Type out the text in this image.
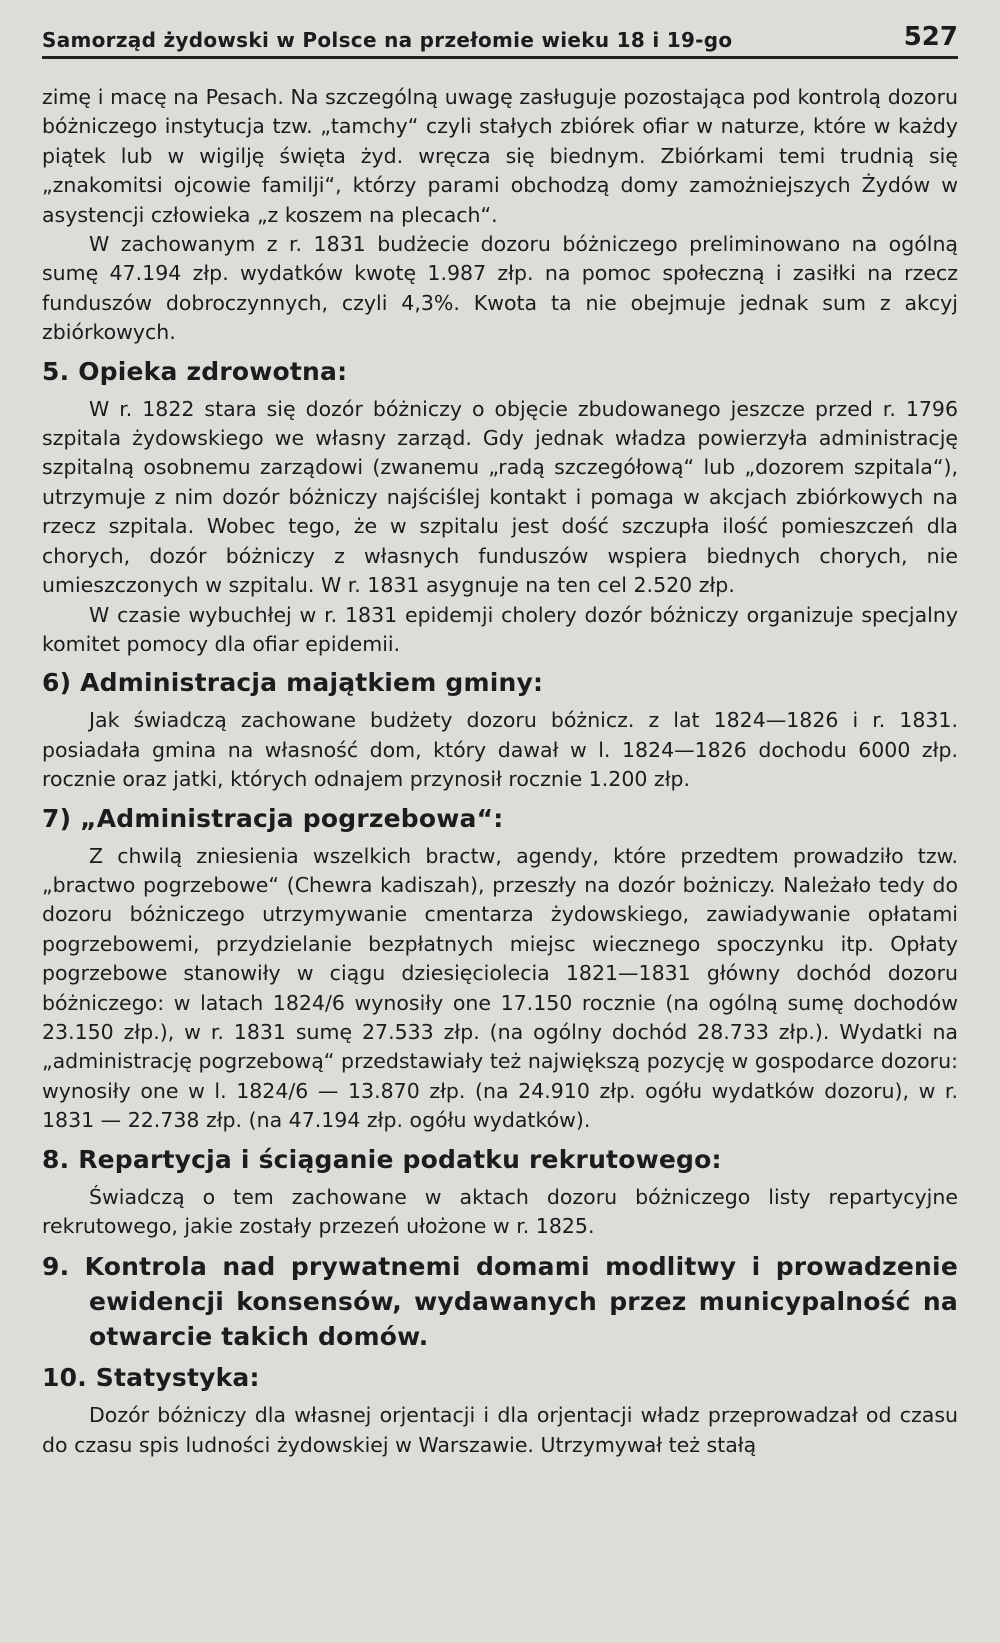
Samorząd żydowski w Polsce na przełomie wieku 18 i 19-go	527

zimę i macę na Pesach. Na szczególną uwagę zasługuje pozostająca pod kontrolą dozoru bóżniczego instytucja tzw. „tamchy“ czyli stałych zbiórek ofiar w naturze, które w każdy piątek lub w wigilję święta żyd. wręcza się biednym. Zbiórkami temi trudnią się „znakomitsi ojcowie familji“, którzy parami obchodzą domy zamożniejszych Żydów w asystencji człowieka „z koszem na plecach“.

W zachowanym z r. 1831 budżecie dozoru bóżniczego preliminowano na ogólną sumę 47.194 złp. wydatków kwotę 1.987 złp. na pomoc społeczną i zasiłki na rzecz funduszów dobroczynnych, czyli 4,3%. Kwota ta nie obejmuje jednak sum z akcyj zbiórkowych.

5. Opieka zdrowotna:

W r. 1822 stara się dozór bóżniczy o objęcie zbudowanego jeszcze przed r. 1796 szpitala żydowskiego we własny zarząd. Gdy jednak władza powierzyła administrację szpitalną osobnemu zarządowi (zwanemu „radą szczegółową“ lub „dozorem szpitala“), utrzymuje z nim dozór bóżniczy najściślej kontakt i pomaga w akcjach zbiórkowych na rzecz szpitala. Wobec tego, że w szpitalu jest dość szczupła ilość pomieszczeń dla chorych, dozór bóżniczy z własnych funduszów wspiera biednych chorych, nie umieszczonych w szpitalu. W r. 1831 asygnuje na ten cel 2.520 złp.

W czasie wybuchłej w r. 1831 epidemji cholery dozór bóżniczy organizuje specjalny komitet pomocy dla ofiar epidemii.

6) Administracja majątkiem gminy:

Jak świadczą zachowane budżety dozoru bóżnicz. z lat 1824—1826 i r. 1831. posiadała gmina na własność dom, który dawał w l. 1824—1826 dochodu 6000 złp. rocznie oraz jatki, których odnajem przynosił rocznie 1.200 złp.

7) „Administracja pogrzebowa“:

Z chwilą zniesienia wszelkich bractw, agendy, które przedtem prowadziło tzw. „bractwo pogrzebowe“ (Chewra kadiszah), przeszły na dozór bożniczy. Należało tedy do dozoru bóżniczego utrzymywanie cmentarza żydowskiego, zawiadywanie opłatami pogrzebowemi, przydzielanie bezpłatnych miejsc wiecznego spoczynku itp. Opłaty pogrzebowe stanowiły w ciągu dziesięciolecia 1821—1831 główny dochód dozoru bóżniczego: w latach 1824/6 wynosiły one 17.150 rocznie (na ogólną sumę dochodów 23.150 złp.), w r. 1831 sumę 27.533 złp. (na ogólny dochód 28.733 złp.). Wydatki na „administrację pogrzebową“ przedstawiały też największą pozycję w gospodarce dozoru: wynosiły one w l. 1824/6 — 13.870 złp. (na 24.910 złp. ogółu wydatków dozoru), w r. 1831 — 22.738 złp. (na 47.194 złp. ogółu wydatków).

8. Repartycja i ściąganie podatku rekrutowego:

Świadczą o tem zachowane w aktach dozoru bóżniczego listy repartycyjne rekrutowego, jakie zostały przezeń ułożone w r. 1825.

9. Kontrola nad prywatnemi domami modlitwy i prowadzenie ewidencji konsensów, wydawanych przez municypalność na otwarcie takich domów.
10. Statystyka:

Dozór bóżniczy dla własnej orjentacji i dla orjentacji władz przeprowadzał od czasu do czasu spis ludności żydowskiej w Warszawie. Utrzymywał też stałą
